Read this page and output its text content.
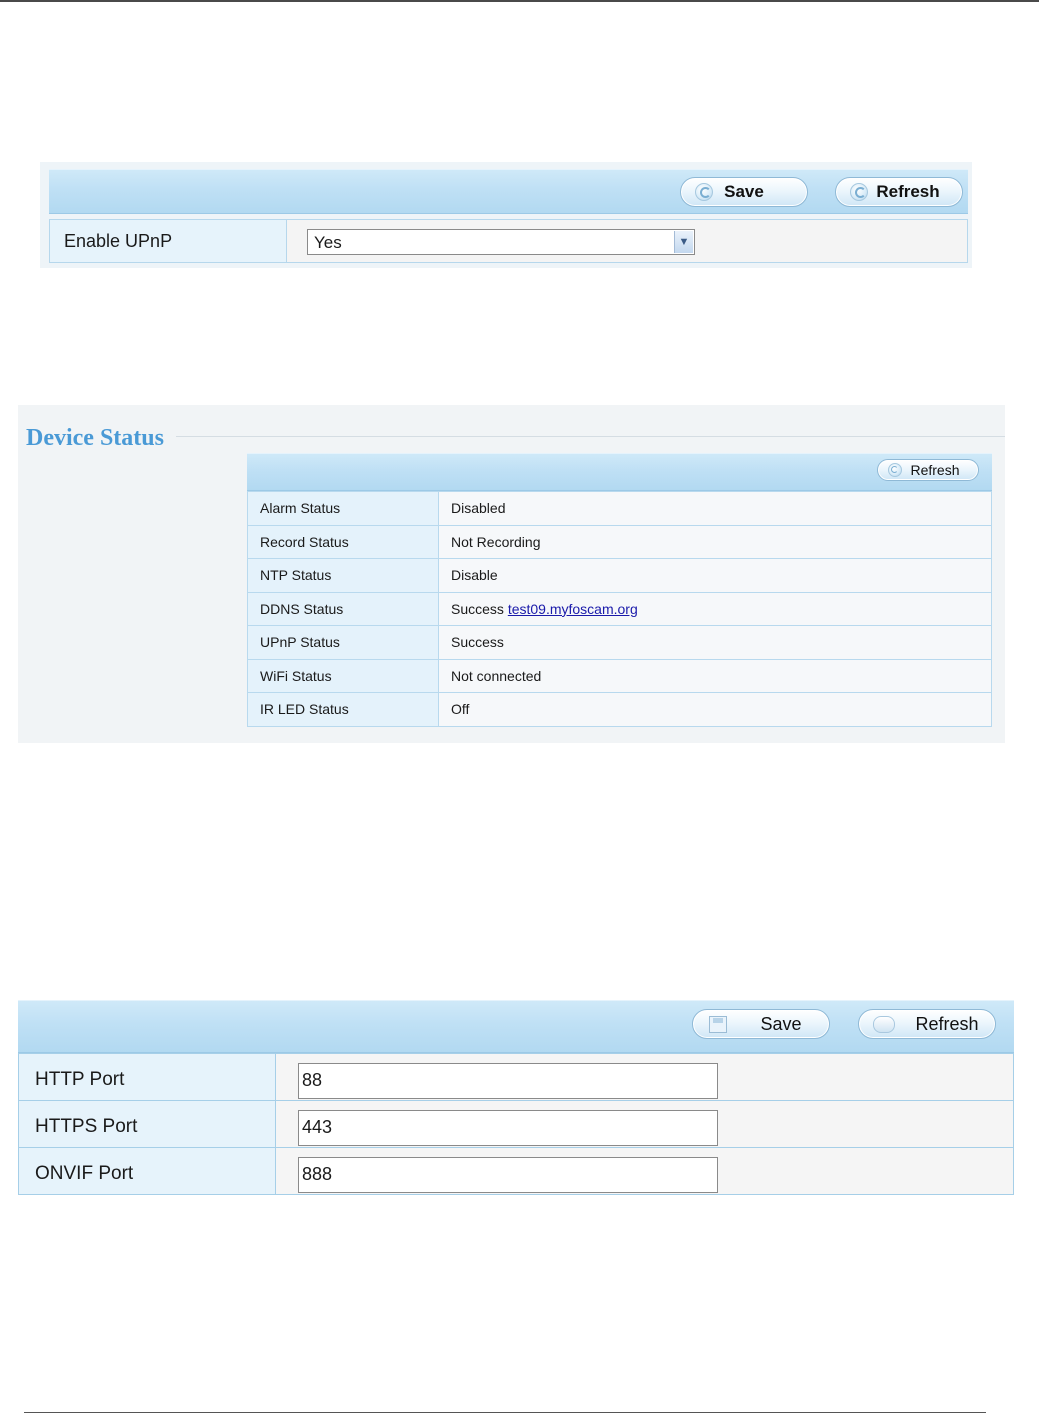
Save	Refresh
Enable UPnP	Yes	▼
Device Status
Refresh
Alarm Status	Disabled
Record Status	Not Recording
NTP Status	Disable
DDNS Status	Success test09.myfoscam.org
UPnP Status	Success
WiFi Status	Not connected
IR LED Status	Off
Save	Refresh
HTTP Port	88

HTTPS Port	443

ONVIF Port	888
